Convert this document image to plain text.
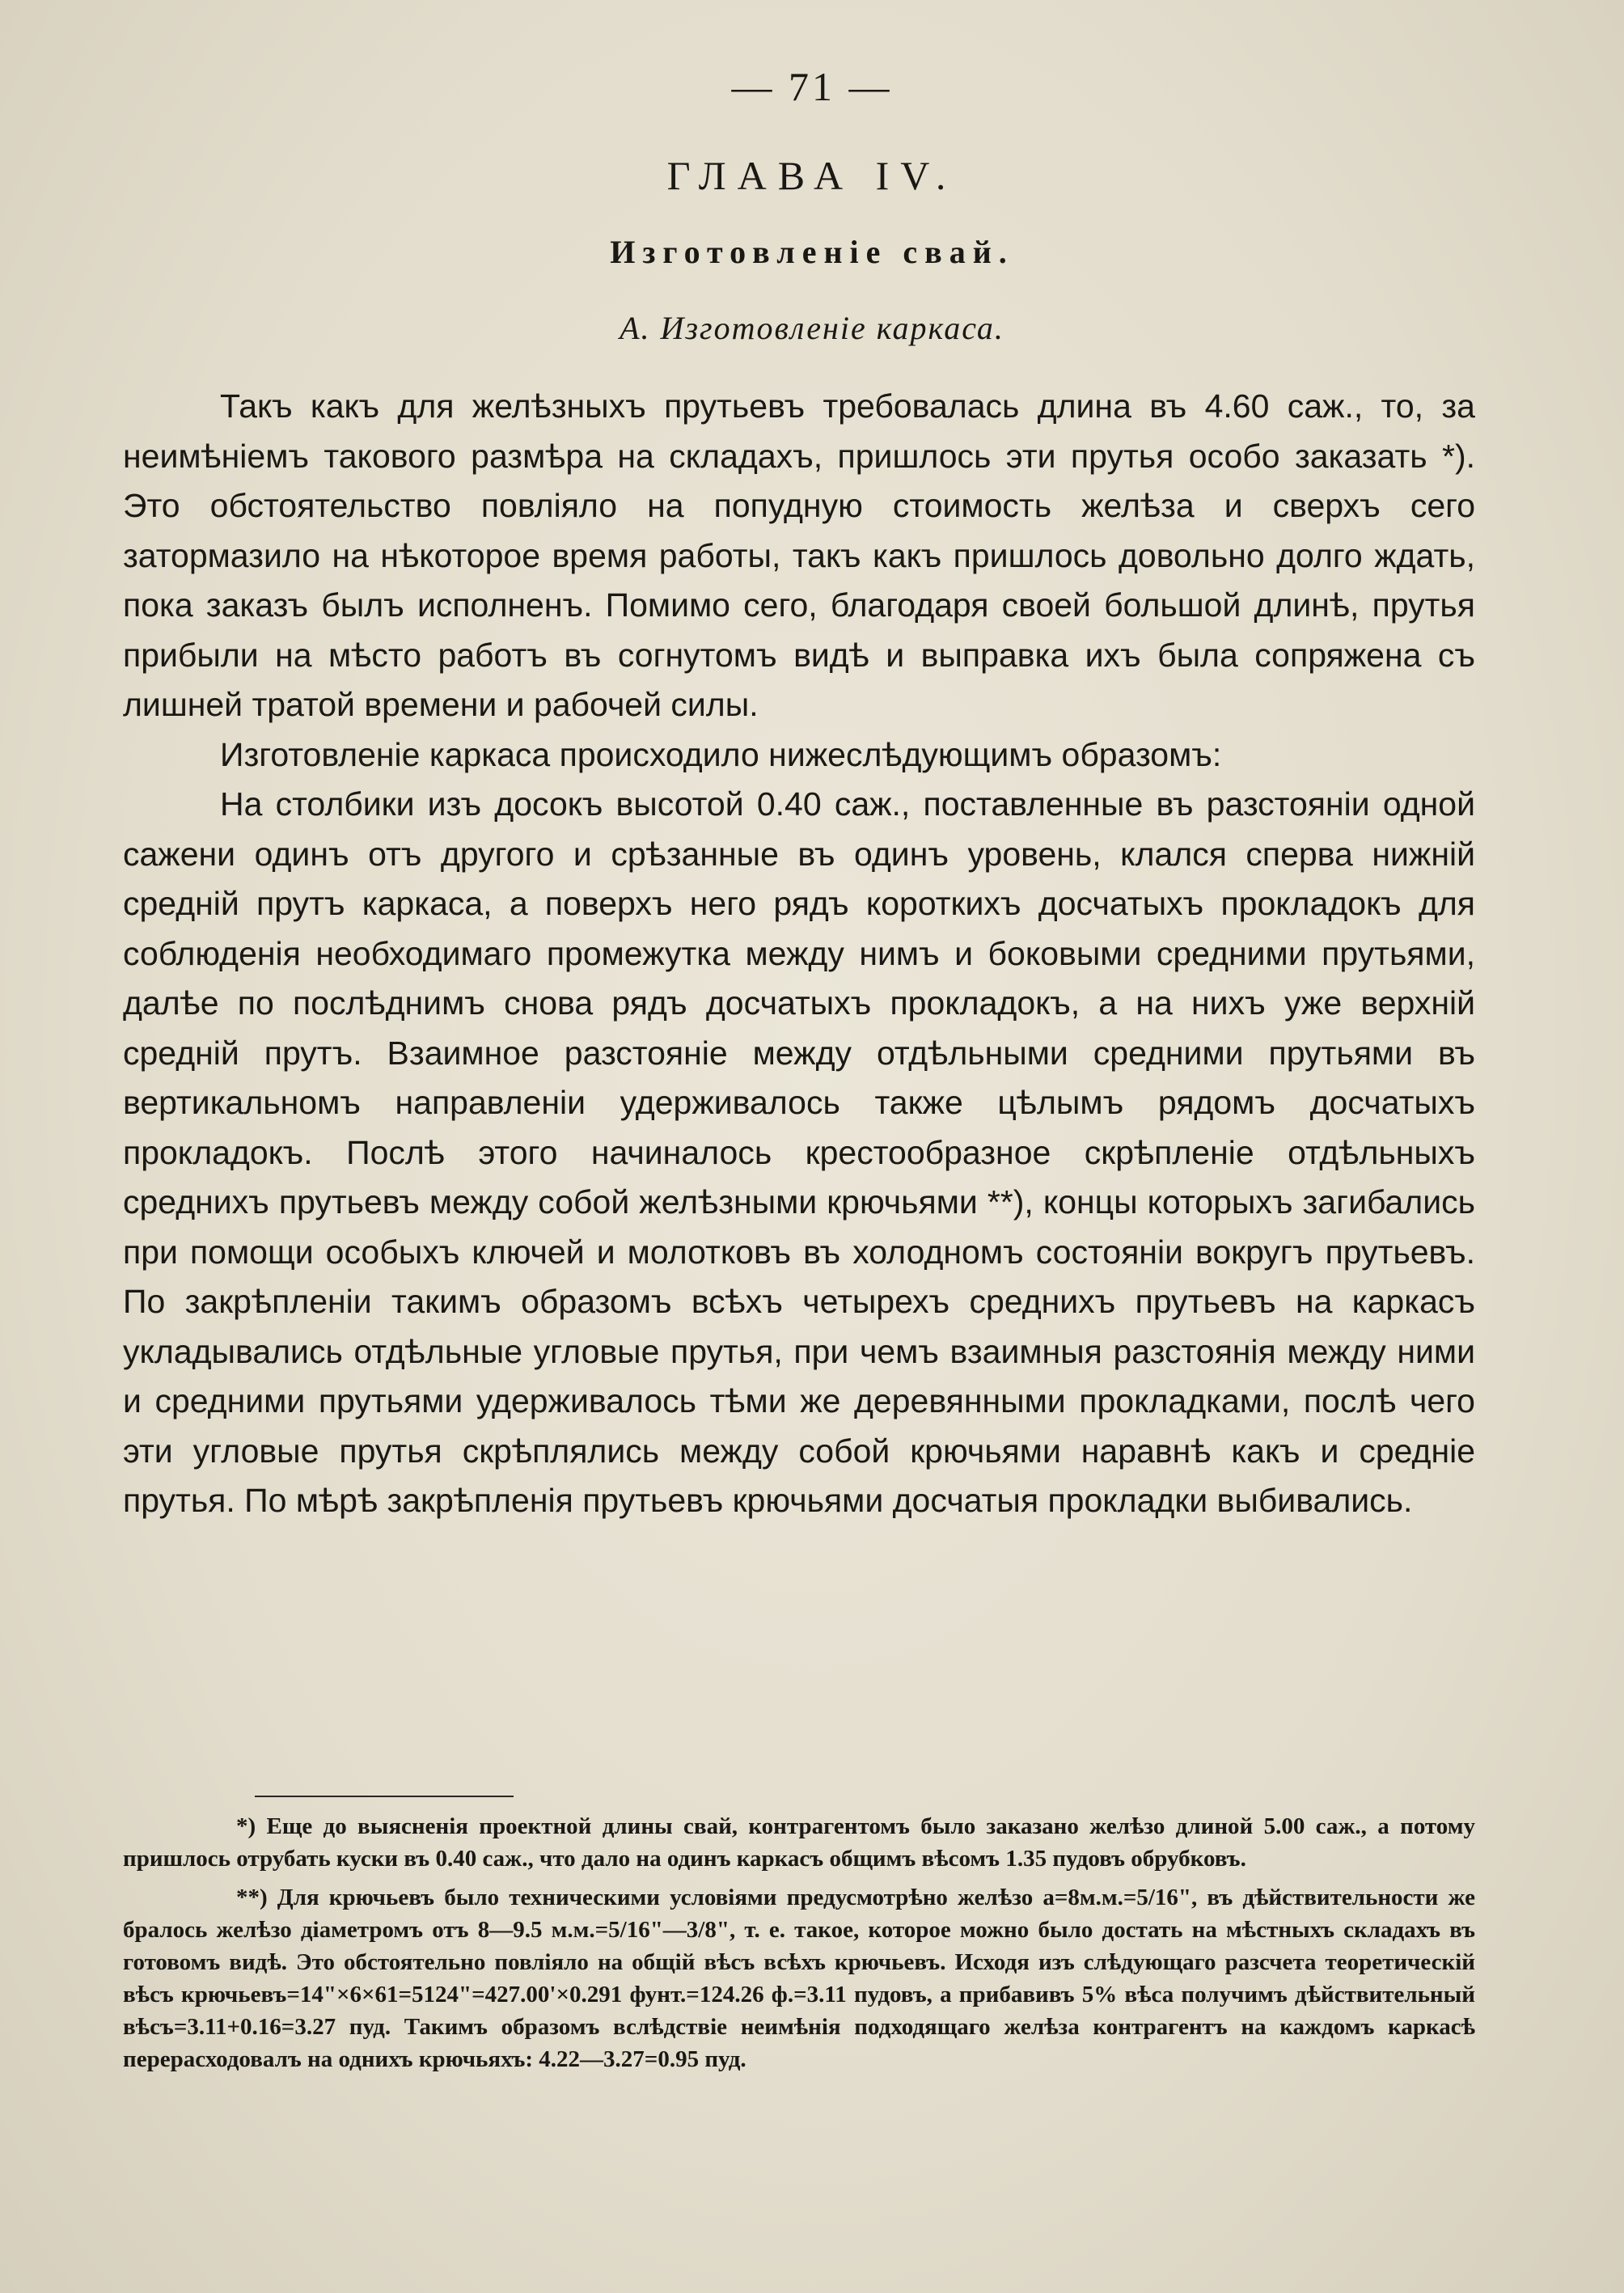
— 71 —
ГЛАВА IV.
Изготовленіе свай.
А. Изготовленіе каркаса.

Такъ какъ для желѣзныхъ прутьевъ требовалась длина въ 4.60 саж., то, за неимѣніемъ такового размѣра на складахъ, пришлось эти прутья особо заказать *). Это обстоятельство повліяло на попудную стоимость желѣза и сверхъ сего затормазило на нѣкоторое время работы, такъ какъ пришлось довольно долго ждать, пока заказъ былъ исполненъ. Помимо сего, благодаря своей большой длинѣ, прутья прибыли на мѣсто работъ въ согнутомъ видѣ и выправка ихъ была сопряжена съ лишней тратой времени и рабочей силы.

Изготовленіе каркаса происходило нижеслѣдующимъ образомъ:

На столбики изъ досокъ высотой 0.40 саж., поставленные въ разстояніи одной сажени одинъ отъ другого и срѣзанные въ одинъ уровень, клался сперва нижній средній прутъ каркаса, а поверхъ него рядъ короткихъ досчатыхъ прокладокъ для соблюденія необходимаго промежутка между нимъ и боковыми средними прутьями, далѣе по послѣднимъ снова рядъ досчатыхъ прокладокъ, а на нихъ уже верхній средній прутъ. Взаимное разстояніе между отдѣльными средними прутьями въ вертикальномъ направленіи удерживалось также цѣлымъ рядомъ досчатыхъ прокладокъ. Послѣ этого начиналось крестообразное скрѣпленіе отдѣльныхъ среднихъ прутьевъ между собой желѣзными крючьями **), концы которыхъ загибались при помощи особыхъ ключей и молотковъ въ холодномъ состояніи вокругъ прутьевъ. По закрѣпленіи такимъ образомъ всѣхъ четырехъ среднихъ прутьевъ на каркасъ укладывались отдѣльные угловые прутья, при чемъ взаимныя разстоянія между ними и средними прутьями удерживалось тѣми же деревянными прокладками, послѣ чего эти угловые прутья скрѣплялись между собой крючьями наравнѣ какъ и средніе прутья. По мѣрѣ закрѣпленія прутьевъ крючьями досчатыя прокладки выбивались.

*) Еще до выясненія проектной длины свай, контрагентомъ было заказано желѣзо длиной 5.00 саж., а потому пришлось отрубать куски въ 0.40 саж., что дало на одинъ каркасъ общимъ вѣсомъ 1.35 пудовъ обрубковъ.

**) Для крючьевъ было техническими условіями предусмотрѣно желѣзо а=8м.м.=5/16", въ дѣйствительности же бралось желѣзо діаметромъ отъ 8—9.5 м.м.=5/16"—3/8", т. е. такое, которое можно было достать на мѣстныхъ складахъ въ готовомъ видѣ. Это обстоятельно повліяло на общій вѣсъ всѣхъ крючьевъ. Исходя изъ слѣдующаго разсчета теоретическій вѣсъ крючьевъ=14"×6×61=5124"=427.00'×0.291 фунт.=124.26 ф.=3.11 пудовъ, а прибавивъ 5% вѣса получимъ дѣйствительный вѣсъ=3.11+0.16=3.27 пуд. Такимъ образомъ вслѣдствіе неимѣнія подходящаго желѣза контрагентъ на каждомъ каркасѣ перерасходовалъ на однихъ крючьяхъ: 4.22—3.27=0.95 пуд.
